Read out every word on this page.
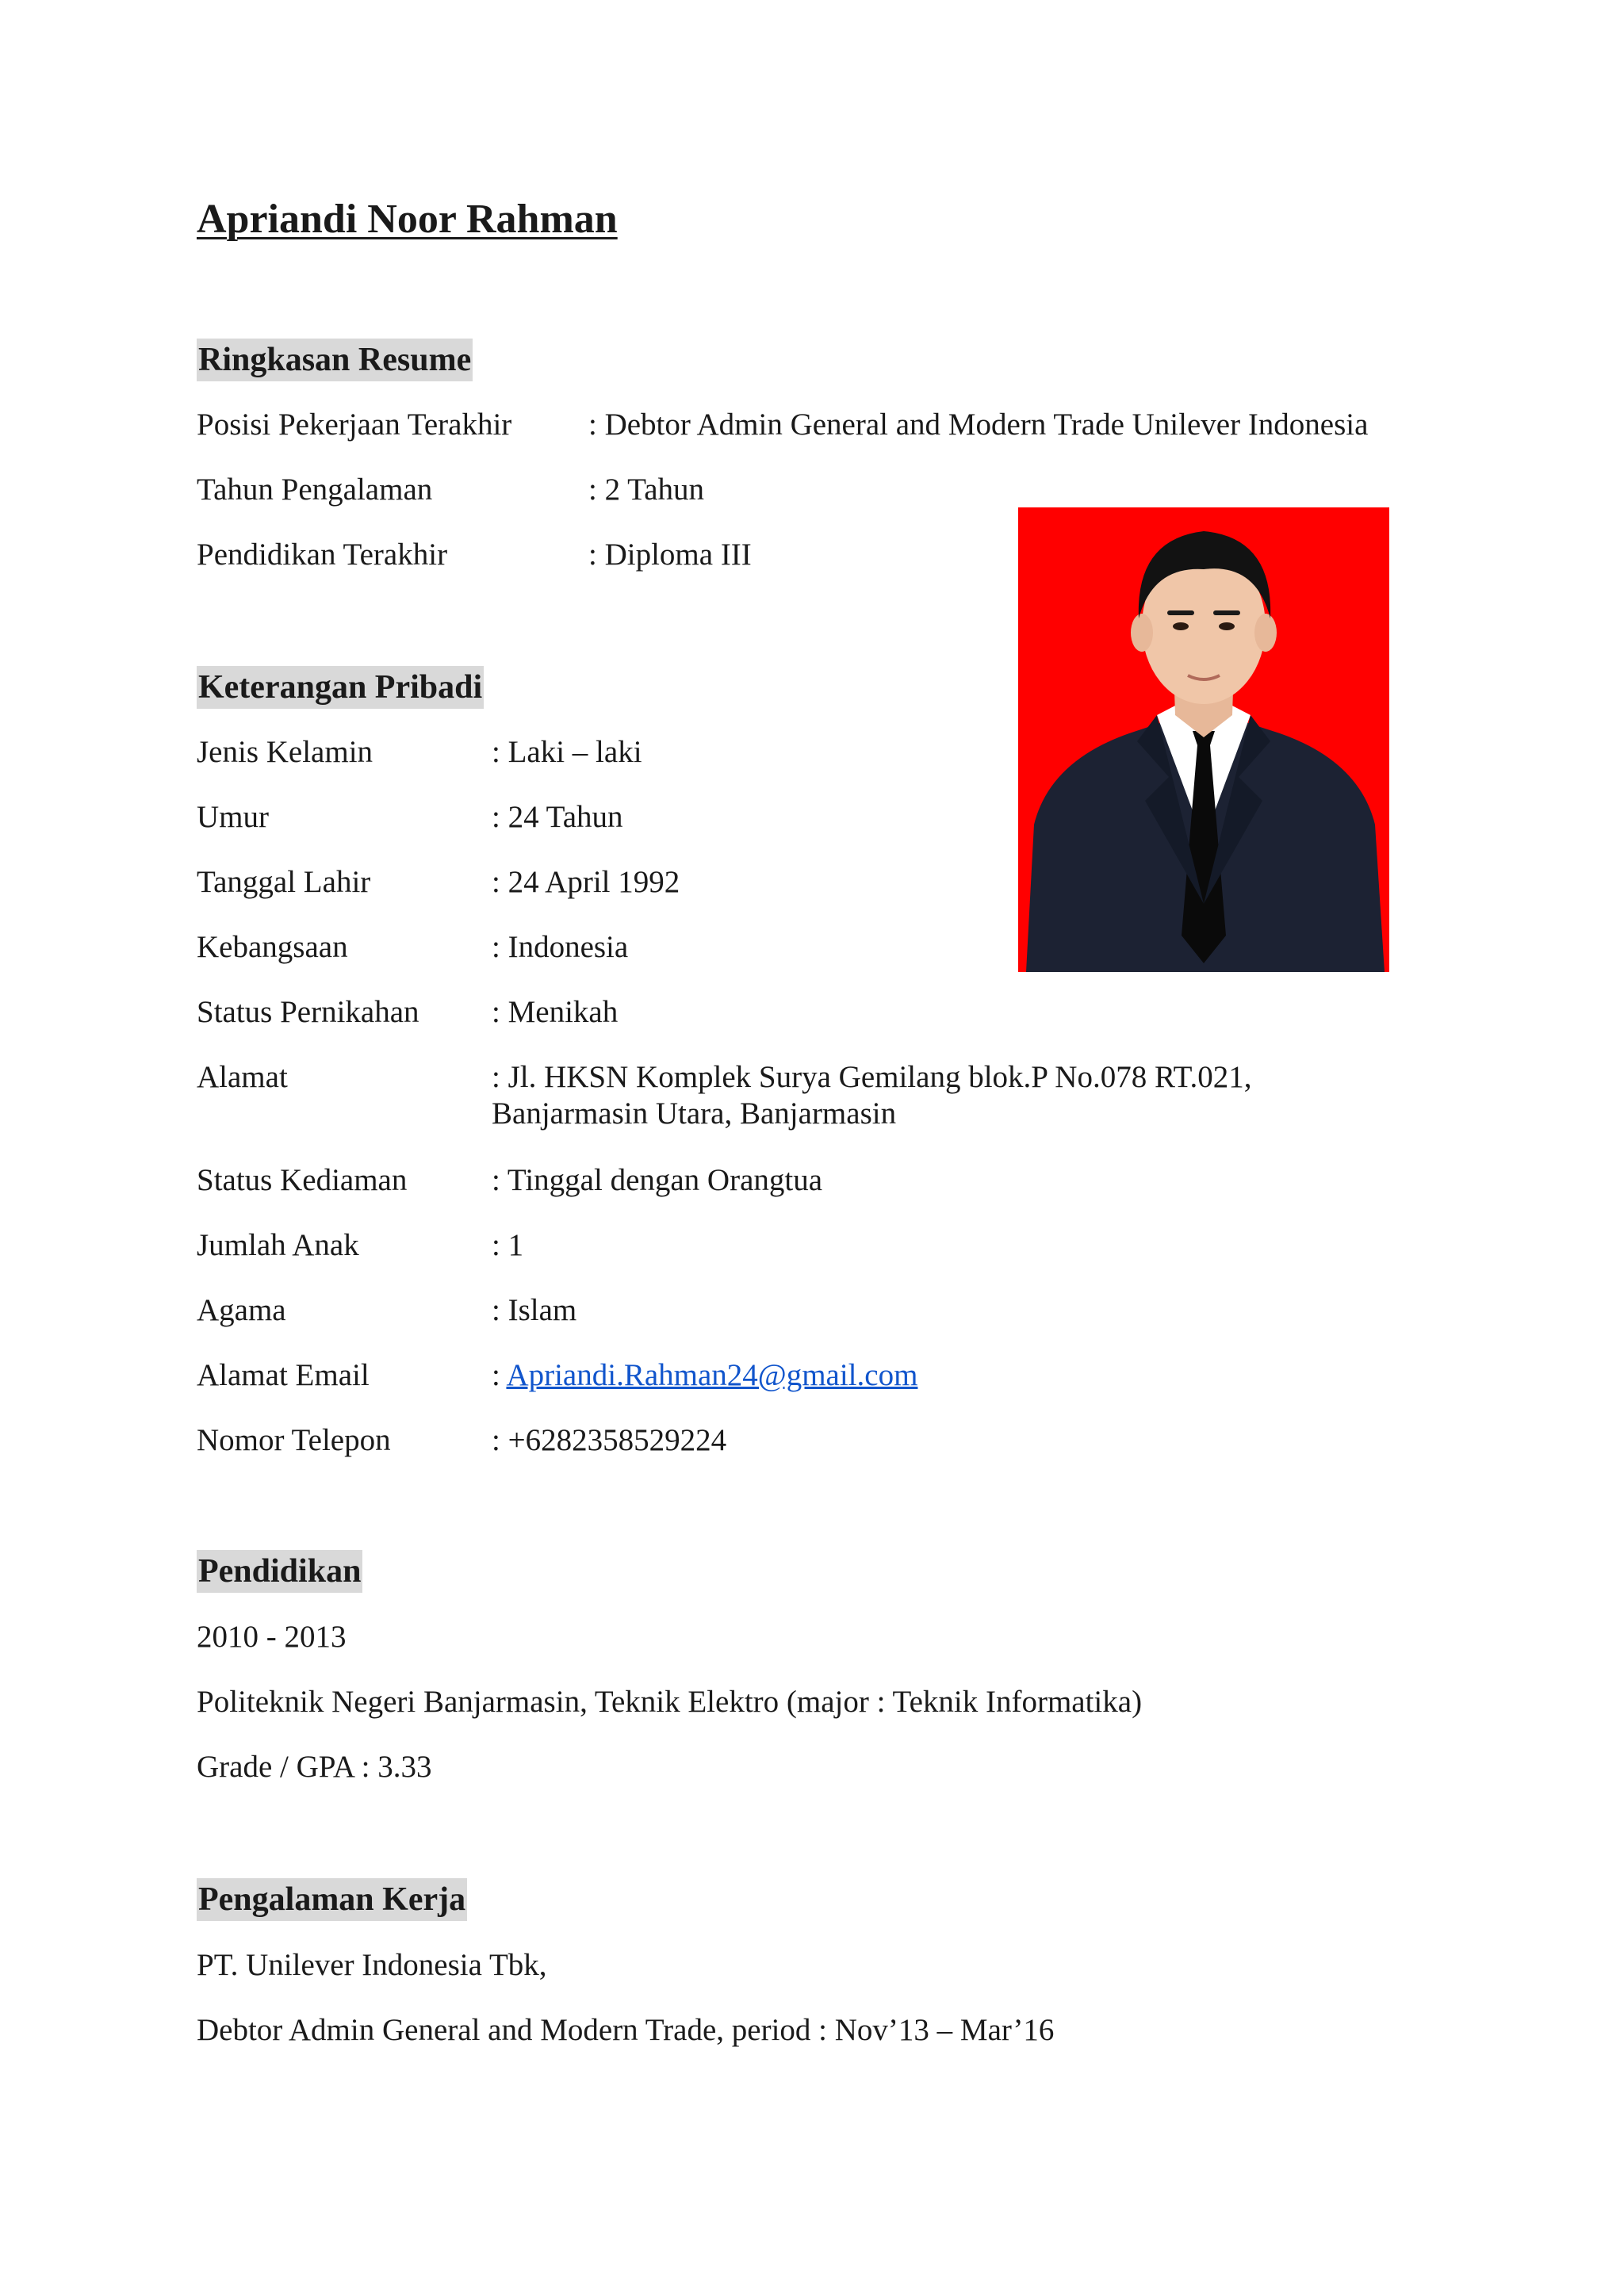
Apriandi Noor Rahman
Ringkasan Resume
Posisi Pekerjaan Terakhir : Debtor Admin General and Modern Trade Unilever Indonesia
Tahun Pengalaman	: 2 Tahun
Pendidikan Terakhir	: Diploma III
Keterangan Pribadi
Jenis Kelamin	: Laki – laki
Umur	: 24 Tahun
Tanggal Lahir	: 24 April 1992
Kebangsaan	: Indonesia
Status Pernikahan : Menikah
Alamat	: Jl. HKSN Komplek Surya Gemilang blok.P No.078 RT.021,
Banjarmasin Utara, Banjarmasin
Status Kediaman	: Tinggal dengan Orangtua
Jumlah Anak	: 1
Agama	: Islam
Alamat Email	: Apriandi.Rahman24@gmail.com
Nomor Telepon	: +6282358529224
Pendidikan
2010 - 2013
Politeknik Negeri Banjarmasin, Teknik Elektro (major : Teknik Informatika)
Grade / GPA : 3.33
Pengalaman Kerja
PT. Unilever Indonesia Tbk,
Debtor Admin General and Modern Trade, period : Nov’13 – Mar’16
